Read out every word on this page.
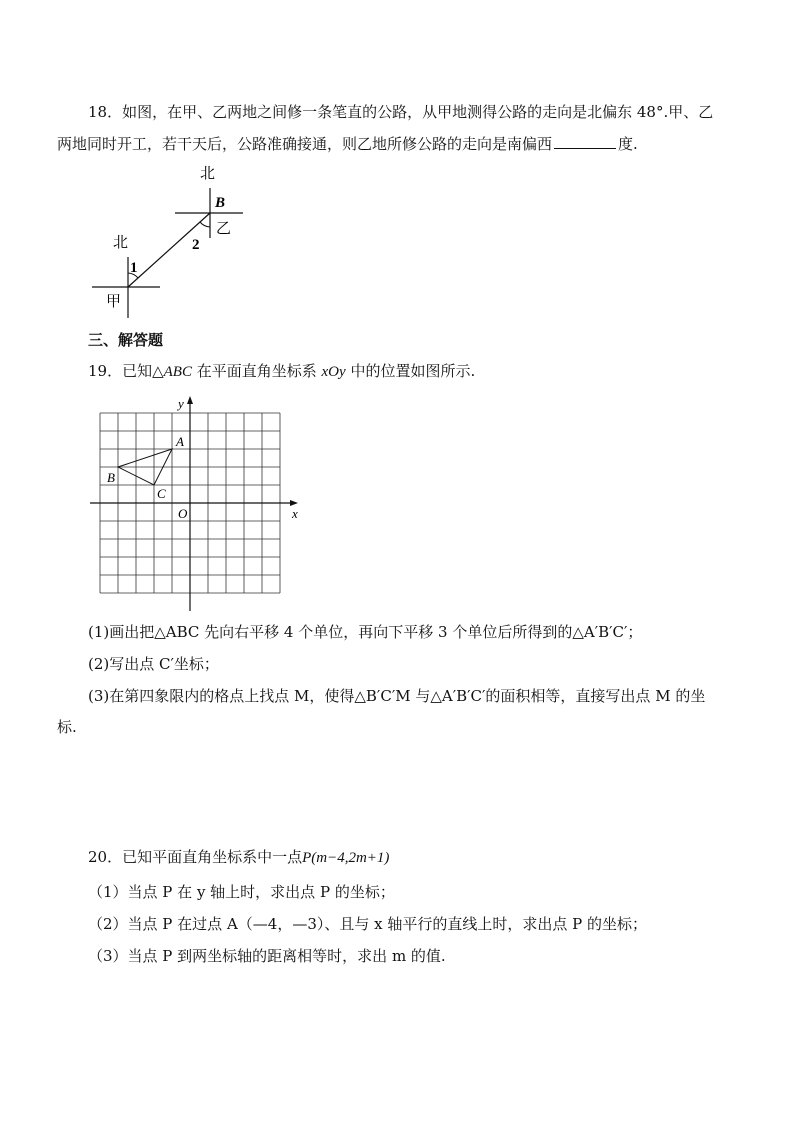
18．如图，在甲、乙两地之间修一条笔直的公路，从甲地测得公路的走向是北偏东 48°.甲、乙
两地同时开工，若干天后，公路准确接通，则乙地所修公路的走向是南偏西	度.
北
B
乙
2
北
1
甲
三、解答题
19．已知△ABC 在平面直角坐标系 xOy 中的位置如图所示.
y
x
O
A
B
C
(1)画出把△ABC 先向右平移 4 个单位，再向下平移 3 个单位后所得到的△A′B′C′；
(2)写出点 C′坐标；
(3)在第四象限内的格点上找点 M，使得△B′C′M 与△A′B′C′的面积相等，直接写出点 M 的坐
标.
20．已知平面直角坐标系中一点P(m−4,2m+1)
（1）当点 P 在 y 轴上时，求出点 P 的坐标；
（2）当点 P 在过点 A（—4，—3）、且与 x 轴平行的直线上时，求出点 P 的坐标；
（3）当点 P 到两坐标轴的距离相等时，求出 m 的值.
